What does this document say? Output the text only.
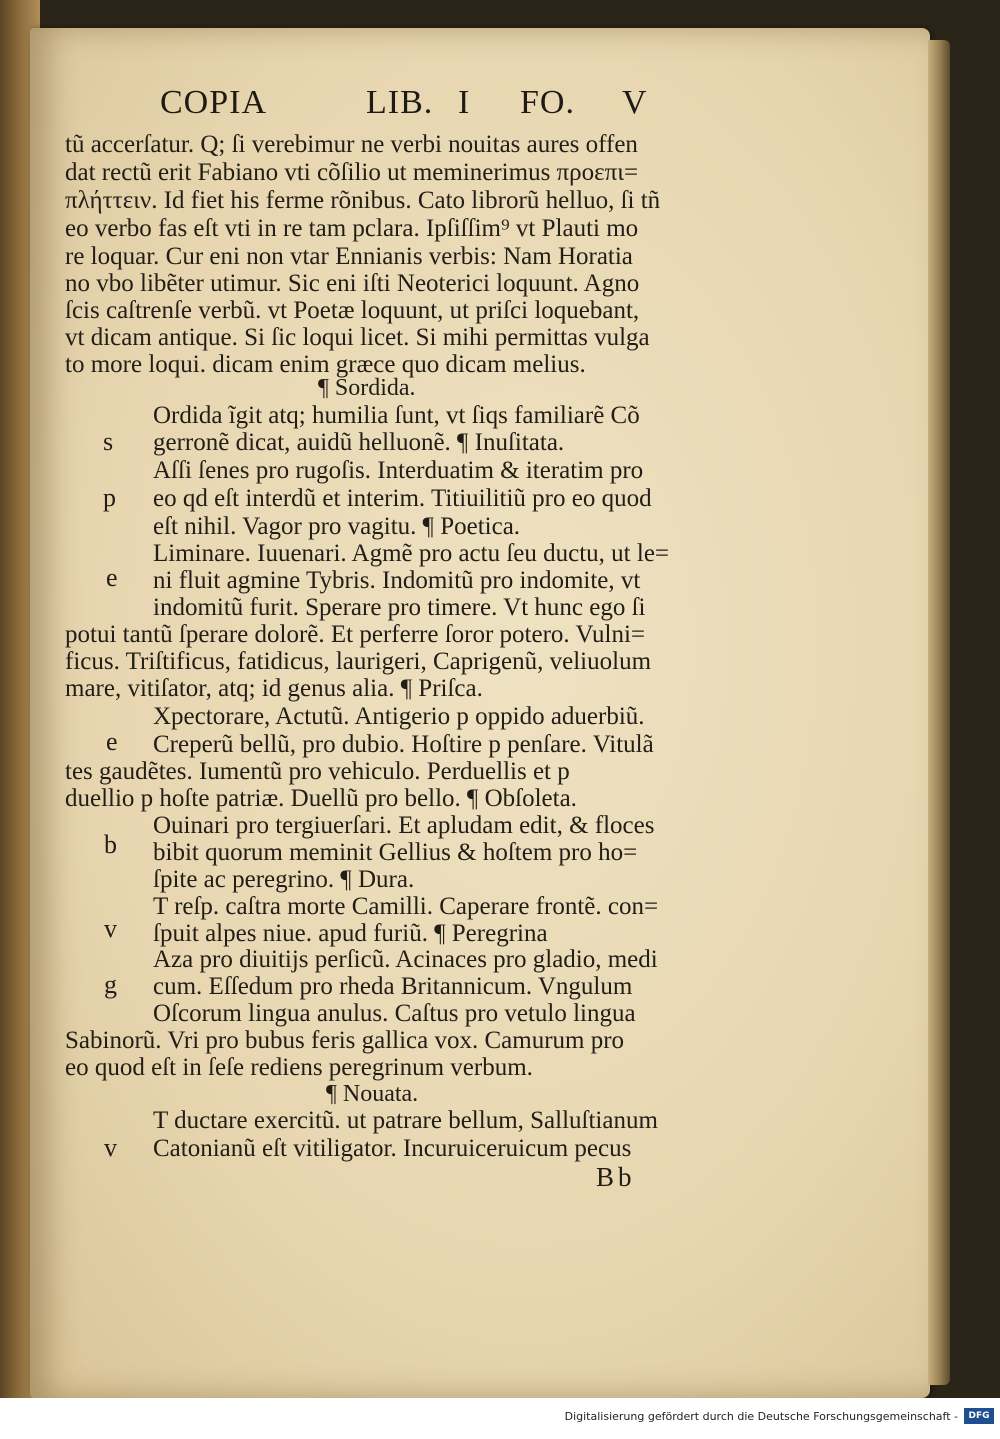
COPIA	LIB. I FO. V
tũ accerſatur. Q; ſi verebimur ne verbi nouitas aures offen
dat rectũ erit Fabiano vti cõſilio ut meminerimus προεπι=
πλήττειν. Id fiet his ferme rõnibus. Cato librorũ helluo, ſi tñ
eo verbo fas eſt vti in re tam pclara. Ipſiſſim⁹ vt Plauti mo
re loquar. Cur eni non vtar Ennianis verbis: Nam Horatia
no vbo libẽter utimur. Sic eni iſti Neoterici loquunt. Agno
ſcis caſtrenſe verbũ. vt Poetæ loquunt, ut priſci loquebant,
vt dicam antique. Si ſic loqui licet. Si mihi permittas vulga
to more loqui. dicam enim græce quo dicam melius.
¶ Sordida.
Ordida ĩgit atq; humilia ſunt, vt ſiqs familiarẽ Cõ
gerronẽ dicat, auidũ helluonẽ. ¶ Inuſitata.
Aſſi ſenes pro rugoſis. Interduatim & iteratim pro
eo qd eſt interdũ et interim. Titiuilitiũ pro eo quod
eſt nihil. Vagor pro vagitu. ¶ Poetica.
Liminare. Iuuenari. Agmẽ pro actu ſeu ductu, ut le=
ni fluit agmine Tybris. Indomitũ pro indomite, vt
indomitũ furit. Sperare pro timere. Vt hunc ego ſi
potui tantũ ſperare dolorẽ. Et perferre ſoror potero. Vulni=
ficus. Triſtificus, fatidicus, laurigeri, Caprigenũ, veliuolum
mare, vitiſator, atq; id genus alia. ¶ Priſca.
Xpectorare, Actutũ. Antigerio p oppido aduerbiũ.
Creperũ bellũ, pro dubio. Hoſtire p penſare. Vitulã
tes gaudẽtes. Iumentũ pro vehiculo. Perduellis et p
duellio p hoſte patriæ. Duellũ pro bello. ¶ Obſoleta.
Ouinari pro tergiuerſari. Et apludam edit, & floces
bibit quorum meminit Gellius & hoſtem pro ho=
ſpite ac peregrino. ¶ Dura.
T reſp. caſtra morte Camilli. Caperare frontẽ. con=
ſpuit alpes niue. apud furiũ. ¶ Peregrina
Aza pro diuitijs perſicũ. Acinaces pro gladio, medi
cum. Eſſedum pro rheda Britannicum. Vngulum
Oſcorum lingua anulus. Caſtus pro vetulo lingua
Sabinorũ. Vri pro bubus feris gallica vox. Camurum pro
eo quod eſt in ſeſe rediens peregrinum verbum.
¶ Nouata.
T ductare exercitũ. ut patrare bellum, Salluſtianum
Catonianũ eſt vitiligator. Incuruiceruicum pecus
s
p
e
e
b
v
g
v
Bb
Digitalisierung gefördert durch die Deutsche Forschungsgemeinschaft -	DFG
